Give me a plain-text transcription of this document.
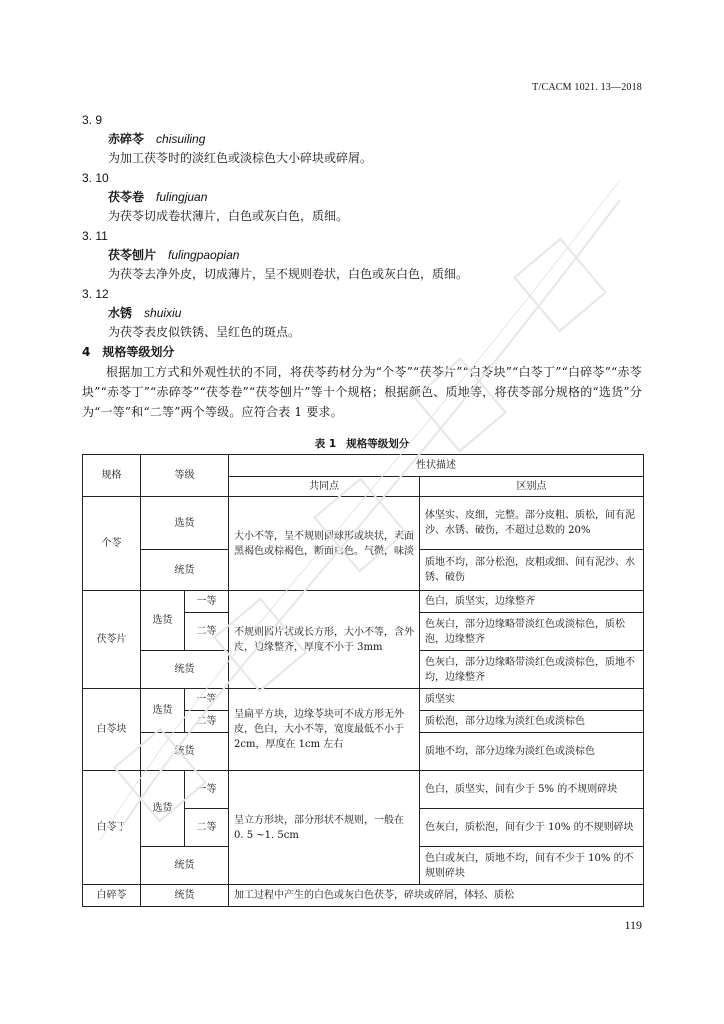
T/CACM 1021. 13—2018
3. 9
赤碎苓 chisuiling
为加工茯苓时的淡红色或淡棕色大小碎块或碎屑。
3. 10
茯苓卷 fulingjuan
为茯苓切成卷状薄片，白色或灰白色，质细。
3. 11
茯苓刨片 fulingpaopian
为茯苓去净外皮，切成薄片，呈不规则卷状，白色或灰白色，质细。
3. 12
水锈 shuixiu
为茯苓表皮似铁锈、呈红色的斑点。
4 规格等级划分
根据加工方式和外观性状的不同，将茯苓药材分为“个苓”“茯苓片”“白苓块”“白苓丁”“白碎苓”“赤苓块”“赤苓丁”“赤碎苓”“茯苓卷”“茯苓刨片”等十个规格；根据颜色、质地等，将茯苓部分规格的“选货”分为“一等”和“二等”两个等级。应符合表 1 要求。
表 1 规格等级划分
规格	等级		性状描述	
			共同点	区别点
个苓	选货		大小不等，呈不规则圆球形或块状，表面黑褐色或棕褐色，断面白色。气微，味淡	体坚实、皮细，完整。部分皮粗、质松，间有泥沙、水锈、破伤，不超过总数的 20%
	统货			质地不均，部分松泡，皮粗或细、间有泥沙、水锈、破伤
茯苓片	选货	一等	不规则圆片状或长方形，大小不等，含外皮，边缘整齐，厚度不小于 3mm	色白，质坚实，边缘整齐
		二等		色灰白，部分边缘略带淡红色或淡棕色，质松泡，边缘整齐
	统货			色灰白，部分边缘略带淡红色或淡棕色，质地不均，边缘整齐
白苓块	选货	一等	呈扁平方块，边缘苓块可不成方形无外皮，色白，大小不等，宽度最低不小于 2cm，厚度在 1cm 左右	质坚实
		二等		质松泡，部分边缘为淡红色或淡棕色
	统货			质地不均，部分边缘为淡红色或淡棕色
白苓丁	选货	一等	呈立方形块，部分形状不规则，一般在 0. 5 ~1. 5cm	色白，质坚实，间有少于 5% 的不规则碎块
		二等		色灰白，质松泡，间有少于 10% 的不规则碎块
	统货			色白或灰白，质地不均，间有不少于 10% 的不规则碎块
白碎苓	统货		加工过程中产生的白色或灰白色茯苓，碎块或碎屑，体轻、质松	
119
